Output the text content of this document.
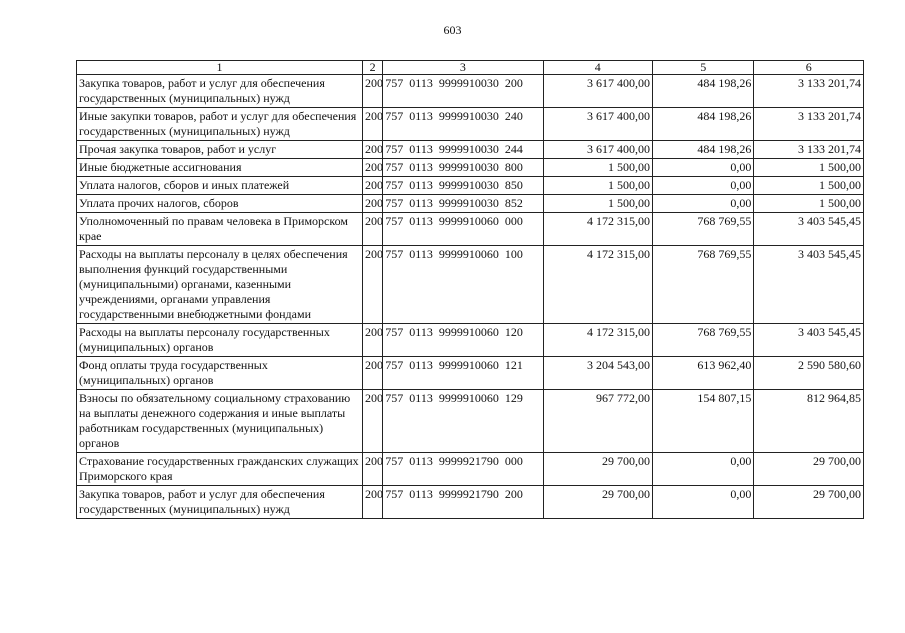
603
1	2	3	4	5	6
Закупка товаров, работ и услуг для обеспечения государственных (муниципальных) нужд	200	757  0113  9999910030  200	3 617 400,00	484 198,26	3 133 201,74
Иные закупки товаров, работ и услуг для обеспечения государственных (муниципальных) нужд	200	757  0113  9999910030  240	3 617 400,00	484 198,26	3 133 201,74
Прочая закупка товаров, работ и услуг	200	757  0113  9999910030  244	3 617 400,00	484 198,26	3 133 201,74
Иные бюджетные ассигнования	200	757  0113  9999910030  800	1 500,00	0,00	1 500,00
Уплата налогов, сборов и иных платежей	200	757  0113  9999910030  850	1 500,00	0,00	1 500,00
Уплата прочих налогов, сборов	200	757  0113  9999910030  852	1 500,00	0,00	1 500,00
Уполномоченный по правам человека в Приморском крае	200	757  0113  9999910060  000	4 172 315,00	768 769,55	3 403 545,45
Расходы на выплаты персоналу в целях обеспечения выполнения функций государственными (муниципальными) органами, казенными учреждениями, органами управления государственными внебюджетными фондами	200	757  0113  9999910060  100	4 172 315,00	768 769,55	3 403 545,45
Расходы на выплаты персоналу государственных (муниципальных) органов	200	757  0113  9999910060  120	4 172 315,00	768 769,55	3 403 545,45
Фонд оплаты труда государственных (муниципальных) органов	200	757  0113  9999910060  121	3 204 543,00	613 962,40	2 590 580,60
Взносы по обязательному социальному страхованию на выплаты денежного содержания и иные выплаты работникам государственных (муниципальных) органов	200	757  0113  9999910060  129	967 772,00	154 807,15	812 964,85
Страхование государственных гражданских служащих Приморского края	200	757  0113  9999921790  000	29 700,00	0,00	29 700,00
Закупка товаров, работ и услуг для обеспечения государственных (муниципальных) нужд	200	757  0113  9999921790  200	29 700,00	0,00	29 700,00
